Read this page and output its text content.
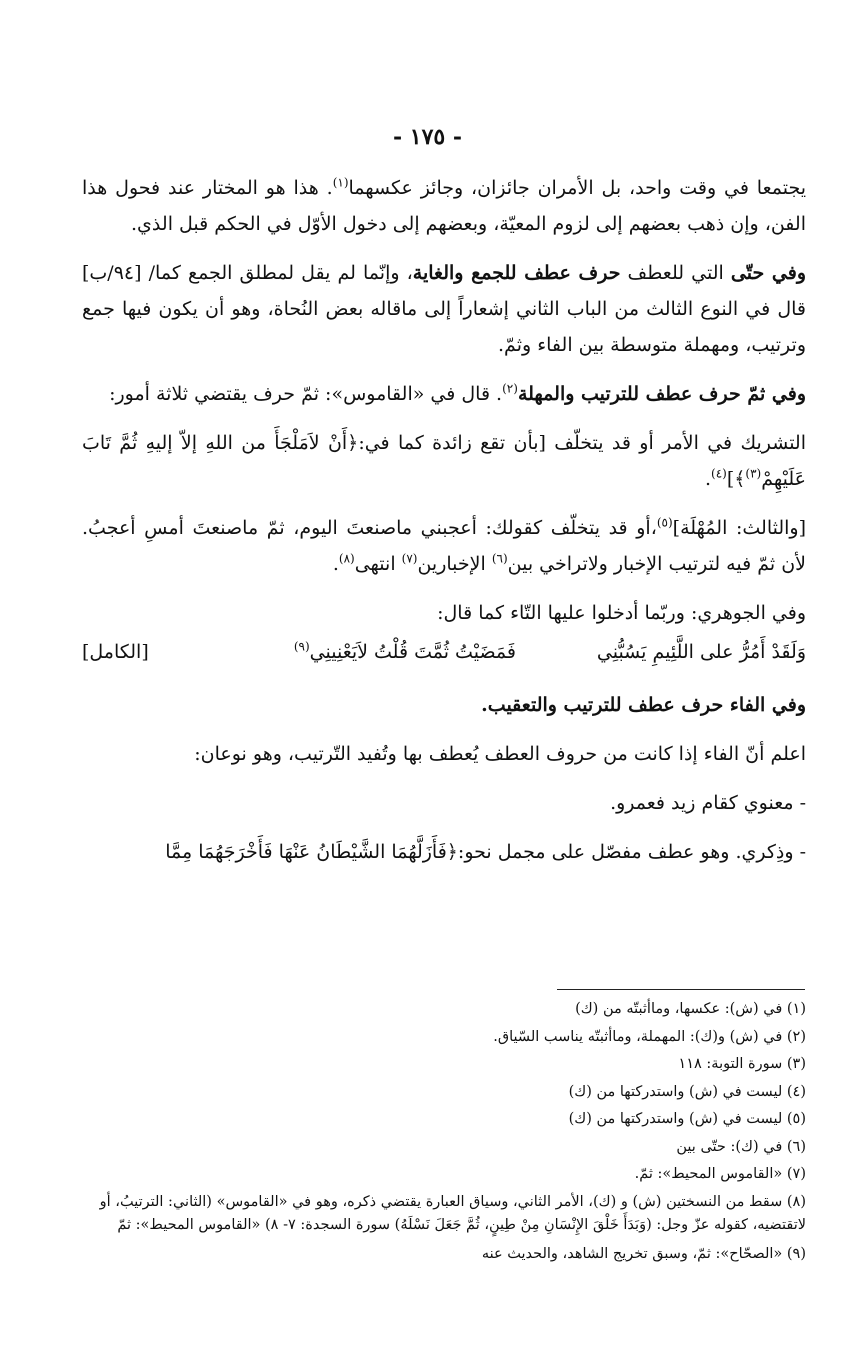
- ١٧٥ -

يجتمعا في وقت واحد، بل الأمران جائزان، وجائز عكسهما$^{(١)}$. هذا هو المختار عند فحول هذا الفن، وإن ذهب بعضهم إلى لزوم المعيّة، وبعضهم إلى دخول الأوّل في الحكم قبل الذي.

وفي حتّى التي للعطف حرف عطف للجمع والغاية، وإنّما لم يقل لمطلق الجمع كما/ [٩٤/ب] قال في النوع الثالث من الباب الثاني إشعاراً إلى ماقاله بعض النُحاة، وهو أن يكون فيها جمع وترتيب، ومهملة متوسطة بين الفاء وثمّ.

وفي ثمّ حرف عطف للترتيب والمهلة$^{(٢)}$. قال في «القاموس»: ثمّ حرف يقتضي ثلاثة أمور:

التشريك في الأمر أو قد يتخلّف [بأن تقع زائدة كما في:﴿أَنْ لاَمَلْجَأَ من اللهِ إلاّ إليهِ ثُمَّ تَابَ عَلَيْهِمْ$^{(٣)}$﴾]$^{(٤)}$.

[والثالث: المُهْلَة]$^{(٥)}$،أو قد يتخلّف كقولك: أعجبني ماصنعتَ اليوم، ثمّ ماصنعتَ أمسِ أعجبُ. لأن ثمّ فيه لترتيب الإخبار ولاتراخي بين$^{(٦)}$ الإخبارين$^{(٧)}$ انتهى$^{(٨)}$.

وفي الجوهري: وربّما أدخلوا عليها التّاء كما قال:

وَلَقَدْ أَمُرُّ على اللَّئِيمِ يَسُبُّنِي
فَمَضَيْتُ ثُمَّتَ قُلْتُ لاَيَعْنِينِي$^{(٩)}$
[الكامل]

وفي الفاء حرف عطف للترتيب والتعقيب.

اعلم أنّ الفاء إذا كانت من حروف العطف يُعطف بها وتُفيد التّرتيب، وهو نوعان:

- معنوي كقام زيد فعمرو.

- وذِكري. وهو عطف مفصّل على مجمل نحو:﴿فَأَزَلَّهُمَا الشَّيْطَانُ عَنْهَا فَأَخْرَجَهُمَا مِمَّا

(١) في (ش): عكسها، وماأثبتّه من (ك)

(٢) في (ش) و(ك): المهملة، وماأثبتّه يناسب السّياق.

(٣) سورة التوبة: ١١٨

(٤) ليست في (ش) واستدركتها من (ك)

(٥) ليست في (ش) واستدركتها من (ك)

(٦) في (ك): حتّى بين

(٧) «القاموس المحيط»: ثمّ.

(٨) سقط من النسختين (ش) و (ك)، الأمر الثاني، وسياق العبارة يقتضي ذكره، وهو في «القاموس» (الثاني: الترتيبُ، أو لاتقتضيه، كقوله عزّ وجل: (وَبَدَأَ خَلْقَ الإِنْسَانِ مِنْ طِينٍ، ثُمَّ جَعَلَ نَسْلَهُ) سورة السجدة: ٧- ٨) «القاموس المحيط»: ثمّ

(٩) «الصحّاح»: ثمّ، وسبق تخريج الشاهد، والحديث عنه
